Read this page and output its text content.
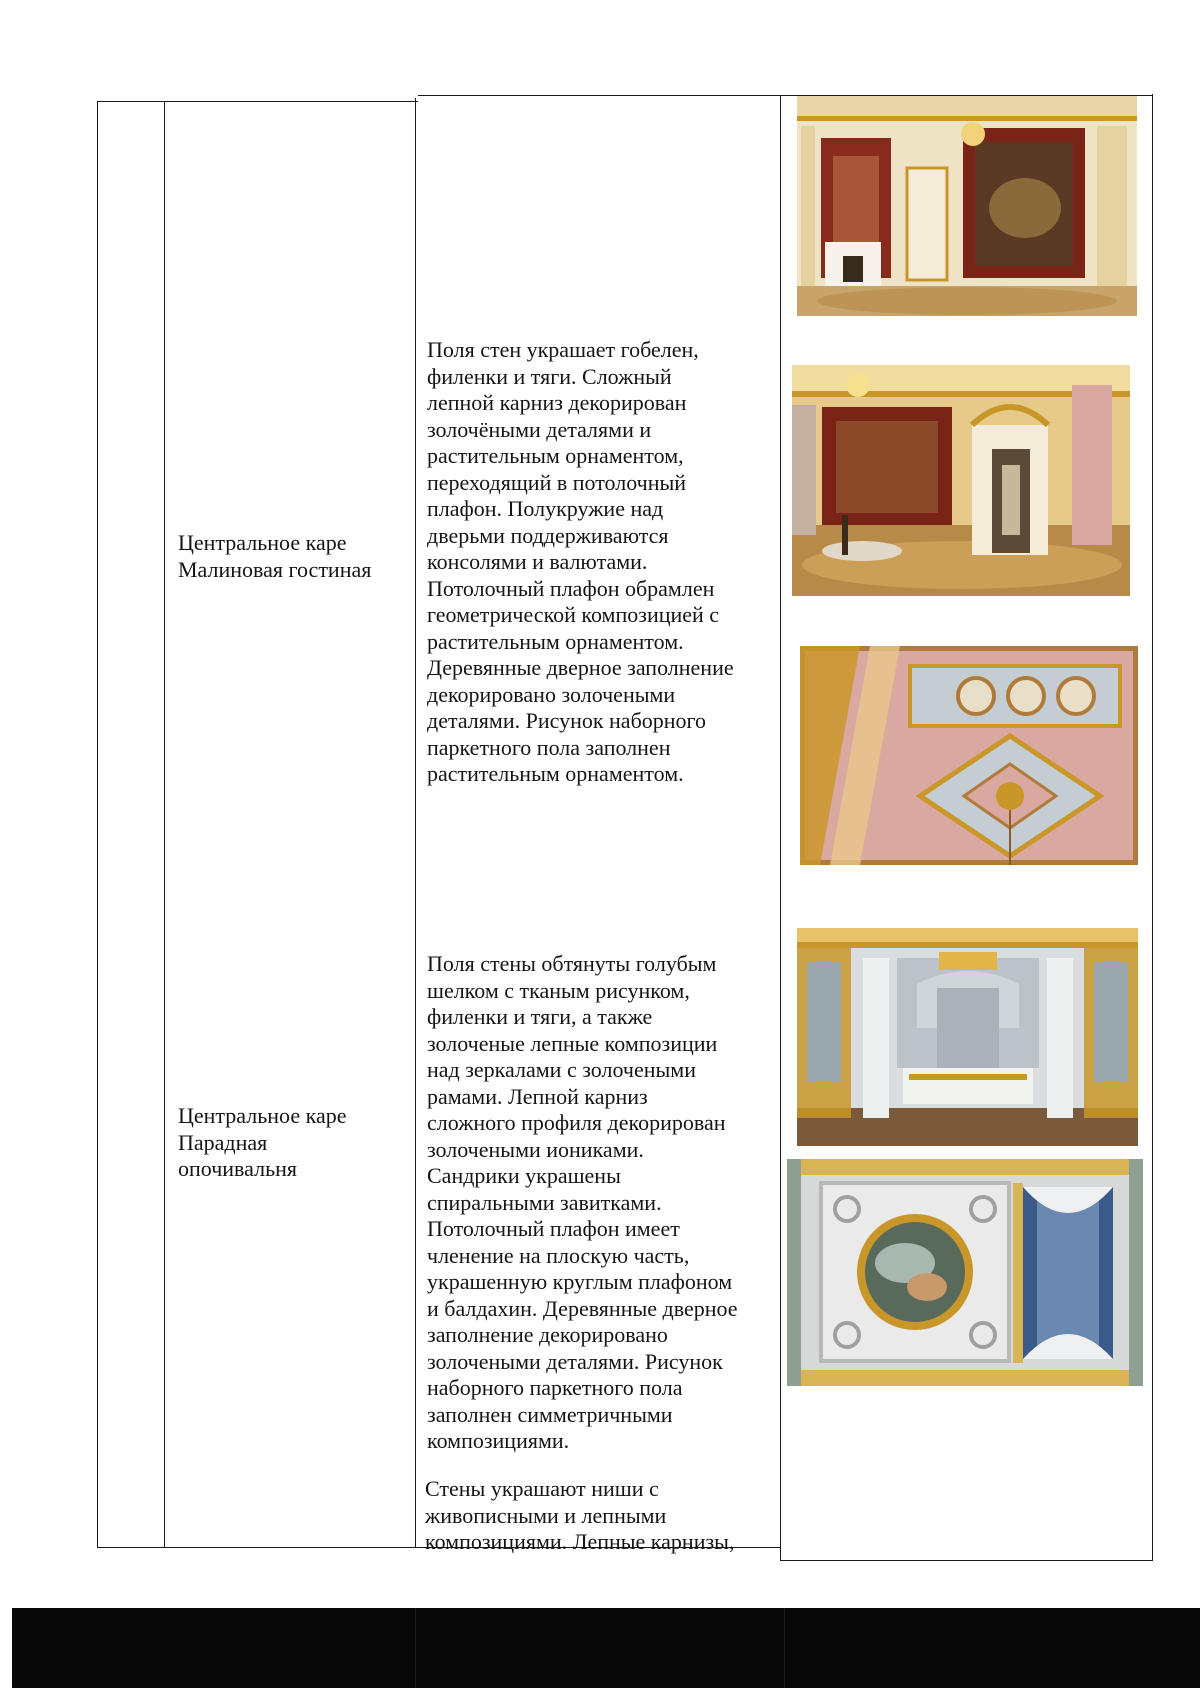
Центральное каре
Малиновая гостиная
Поля стен украшает гобелен,
филенки и тяги. Сложный
лепной карниз декорирован
золочёными деталями и
растительным орнаментом,
переходящий в потолочный
плафон. Полукружие над
дверьми поддерживаются
консолями и валютами.
Потолочный плафон обрамлен
геометрической композицией с
растительным орнаментом.
Деревянные дверное заполнение
декорировано золочеными
деталями. Рисунок наборного
паркетного пола заполнен
растительным орнаментом.
Центральное каре
Парадная
опочивальня
Поля стены обтянуты голубым
шелком с тканым рисунком,
филенки и тяги, а также
золоченые лепные композиции
над зеркалами с золочеными
рамами. Лепной карниз
сложного профиля декорирован
золочеными иониками.
Сандрики украшены
спиральными завитками.
Потолочный плафон имеет
членение на плоскую часть,
украшенную круглым плафоном
и балдахин. Деревянные дверное
заполнение декорировано
золочеными деталями. Рисунок
наборного паркетного пола
заполнен симметричными
композициями.
Стены украшают ниши с
живописными и лепными
композициями. Лепные карнизы,
